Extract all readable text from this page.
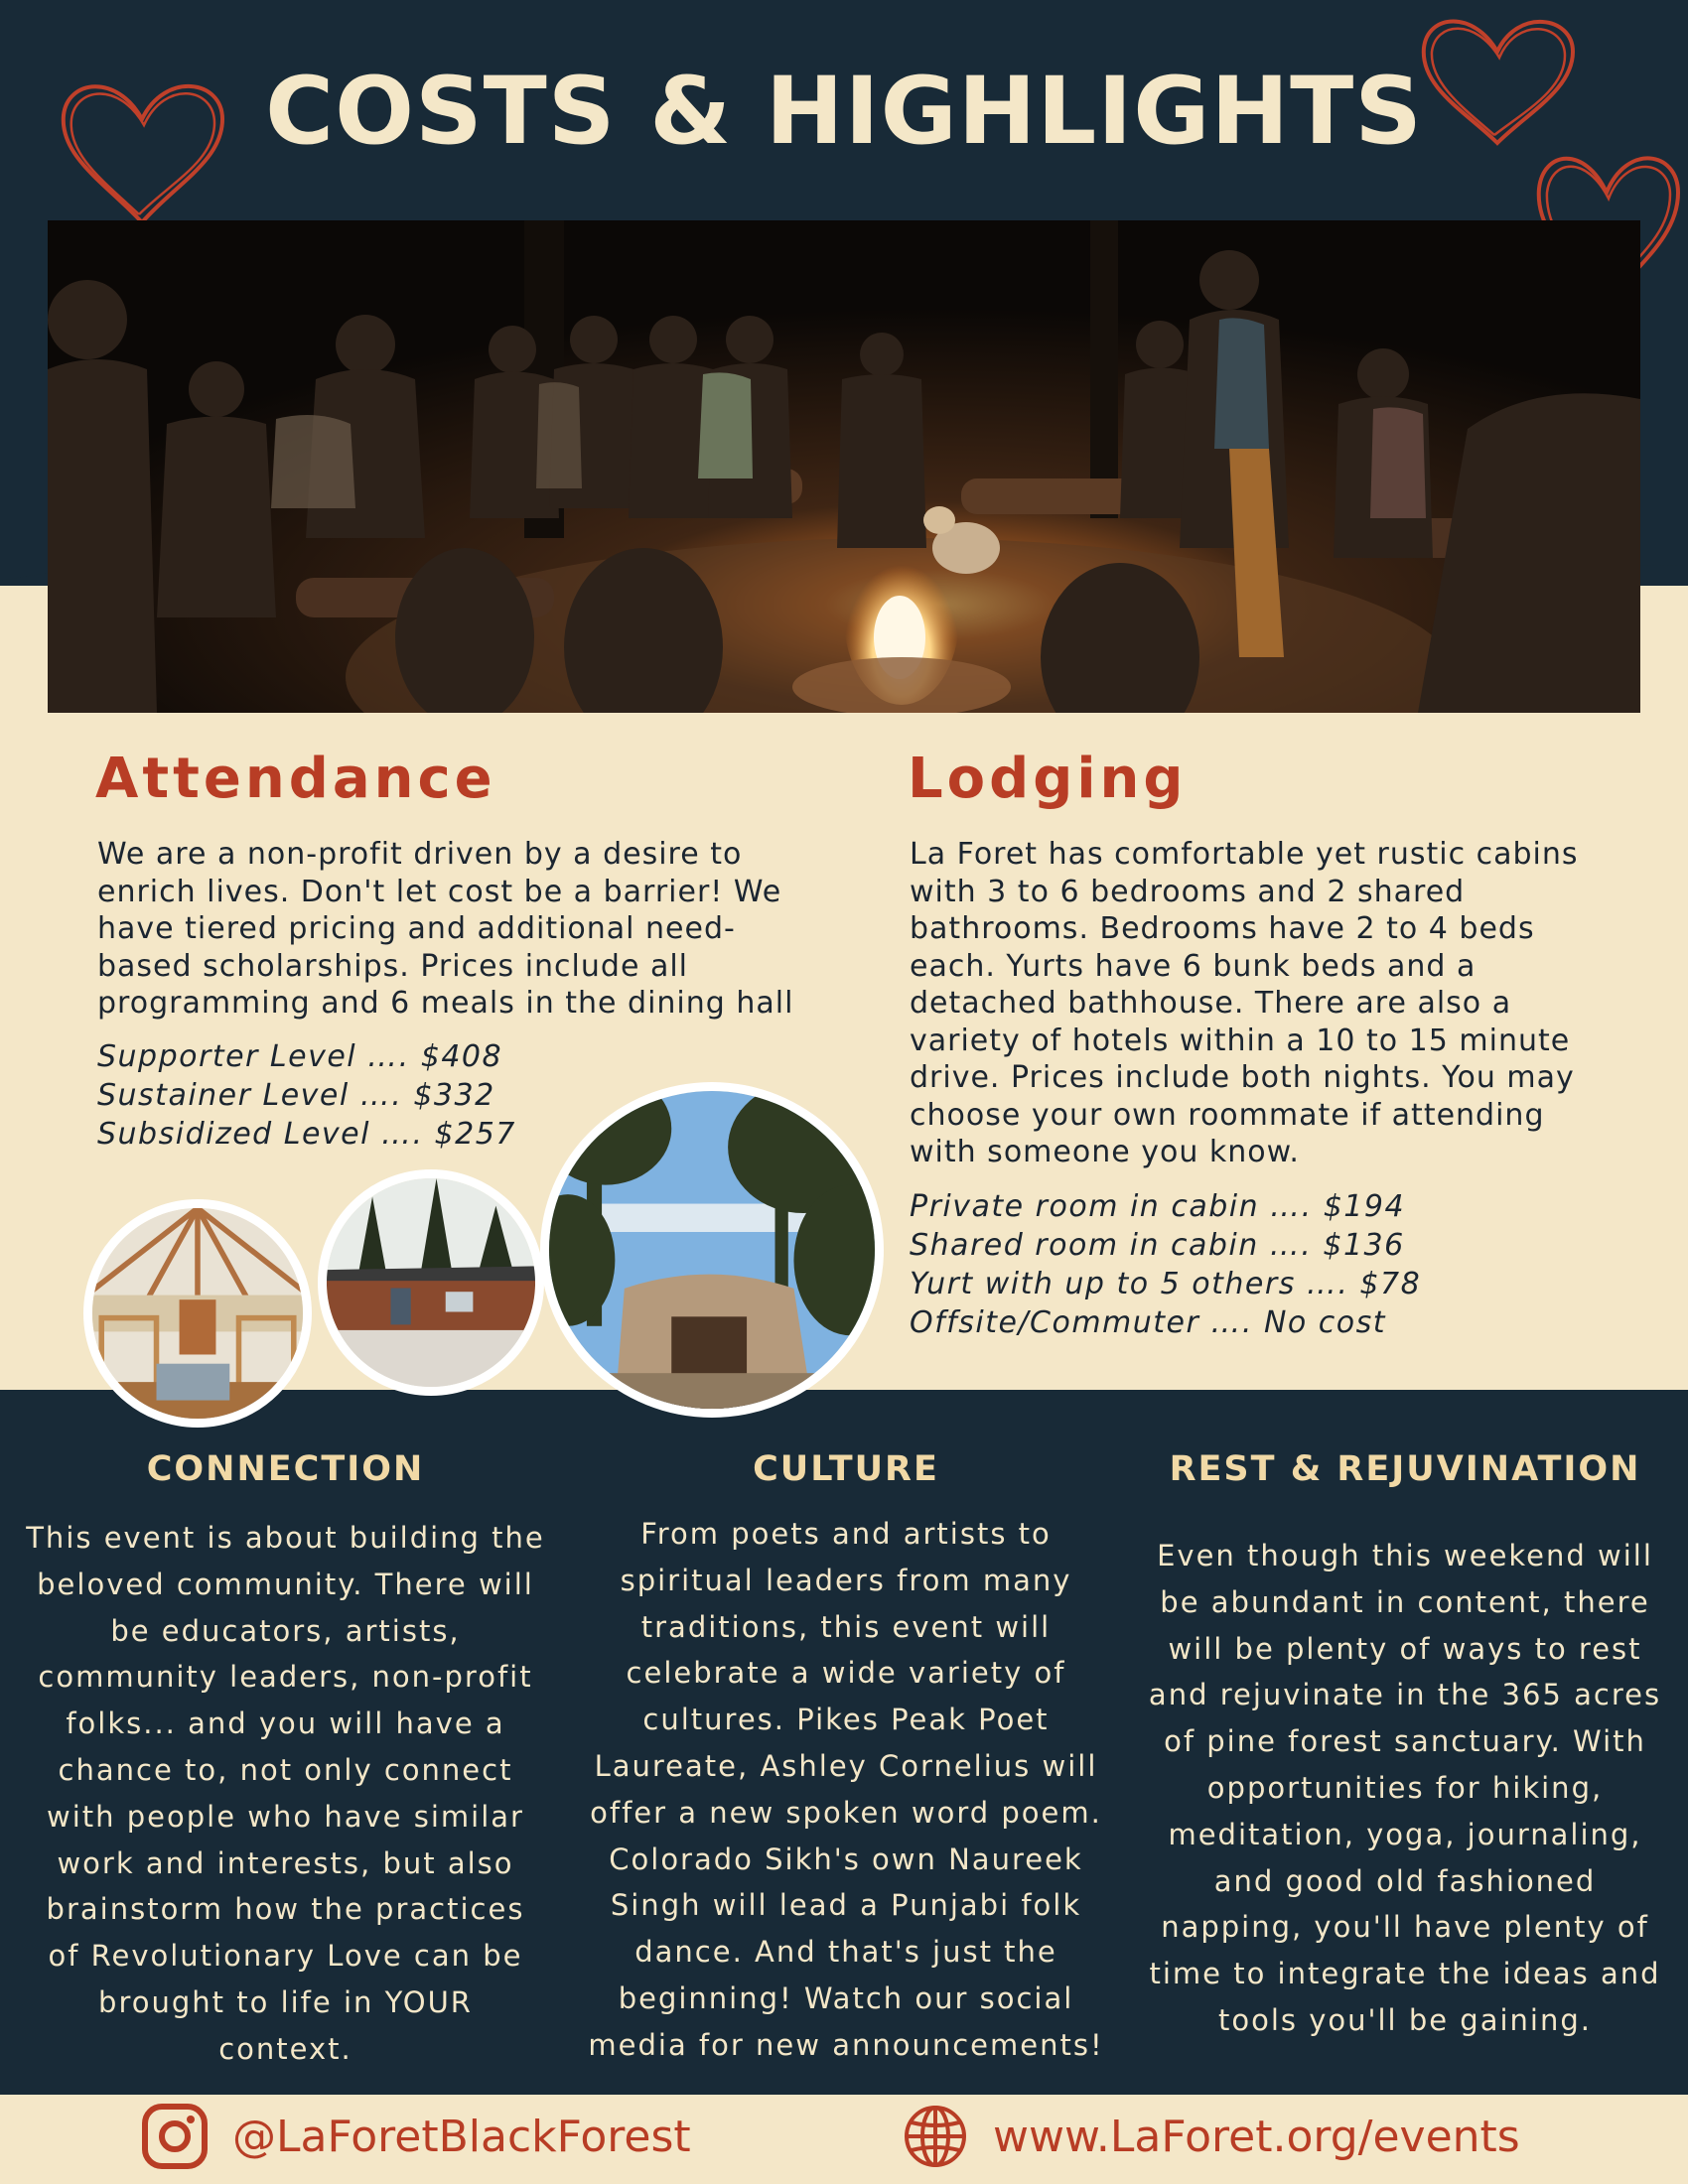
COSTS & HIGHLIGHTS
Attendance
We are a non-profit driven by a desire to
enrich lives. Don't let cost be a barrier! We
have tiered pricing and additional need-
based scholarships. Prices include all
programming and 6 meals in the dining hall
Supporter Level …. $408
Sustainer Level …. $332
Subsidized Level …. $257
Lodging
La Foret has comfortable yet rustic cabins
with 3 to 6 bedrooms and 2 shared
bathrooms. Bedrooms have 2 to 4 beds
each. Yurts have 6 bunk beds and a
detached bathhouse. There are also a
variety of hotels within a 10 to 15 minute
drive. Prices include both nights. You may
choose your own roommate if attending
with someone you know.
Private room in cabin …. $194
Shared room in cabin …. $136
Yurt with up to 5 others …. $78
Offsite/Commuter …. No cost
CONNECTION
This event is about building the
beloved community. There will
be educators, artists,
community leaders, non-profit
folks... and you will have a
chance to, not only connect
with people who have similar
work and interests, but also
brainstorm how the practices
of Revolutionary Love can be
brought to life in YOUR
context.
CULTURE
From poets and artists to
spiritual leaders from many
traditions, this event will
celebrate a wide variety of
cultures. Pikes Peak Poet
Laureate, Ashley Cornelius will
offer a new spoken word poem.
Colorado Sikh's own Naureek
Singh will lead a Punjabi folk
dance. And that's just the
beginning! Watch our social
media for new announcements!
REST & REJUVINATION
Even though this weekend will
be abundant in content, there
will be plenty of ways to rest
and rejuvinate in the 365 acres
of pine forest sanctuary. With
opportunities for hiking,
meditation, yoga, journaling,
and good old fashioned
napping, you'll have plenty of
time to integrate the ideas and
tools you'll be gaining.
@LaForetBlackForest	www.LaForet.org/events
